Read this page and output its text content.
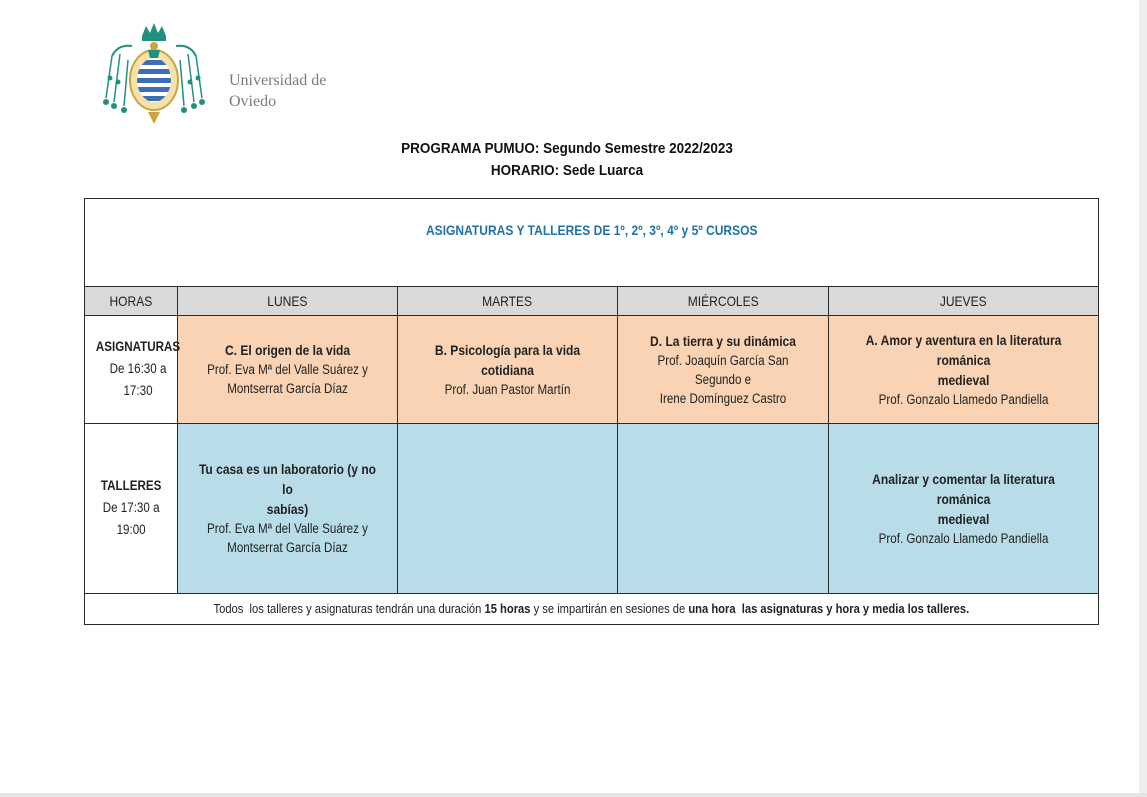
Universidad de
Oviedo
PROGRAMA PUMUO: Segundo Semestre 2022/2023
HORARIO: Sede Luarca
ASIGNATURAS Y TALLERES DE 1º, 2º, 3º, 4º y 5º CURSOS				
HORAS	LUNES	MARTES	MIÉRCOLES	JUEVES

ASIGNATURAS
De 16:30 a
17:30	C. El origen de la vida
Prof. Eva Mª del Valle Suárez y
Montserrat García Díaz	B. Psicología para la vida cotidiana
Prof. Juan Pastor Martín	D. La tierra y su dinámica
Prof. Joaquín García San Segundo e
Irene Domínguez Castro	A. Amor y aventura en la literatura románica
medieval
Prof. Gonzalo Llamedo Pandiella

TALLERES
De 17:30 a
19:00	Tu casa es un laboratorio (y no lo
sabías)
Prof. Eva Mª del Valle Suárez y
Montserrat García Díaz			Analizar y comentar la literatura románica
medieval
Prof. Gonzalo Llamedo Pandiella

Todos  los talleres y asignaturas tendrán una duración 15 horas y se impartirán en sesiones de una hora  las asignaturas y hora y media los talleres.				
